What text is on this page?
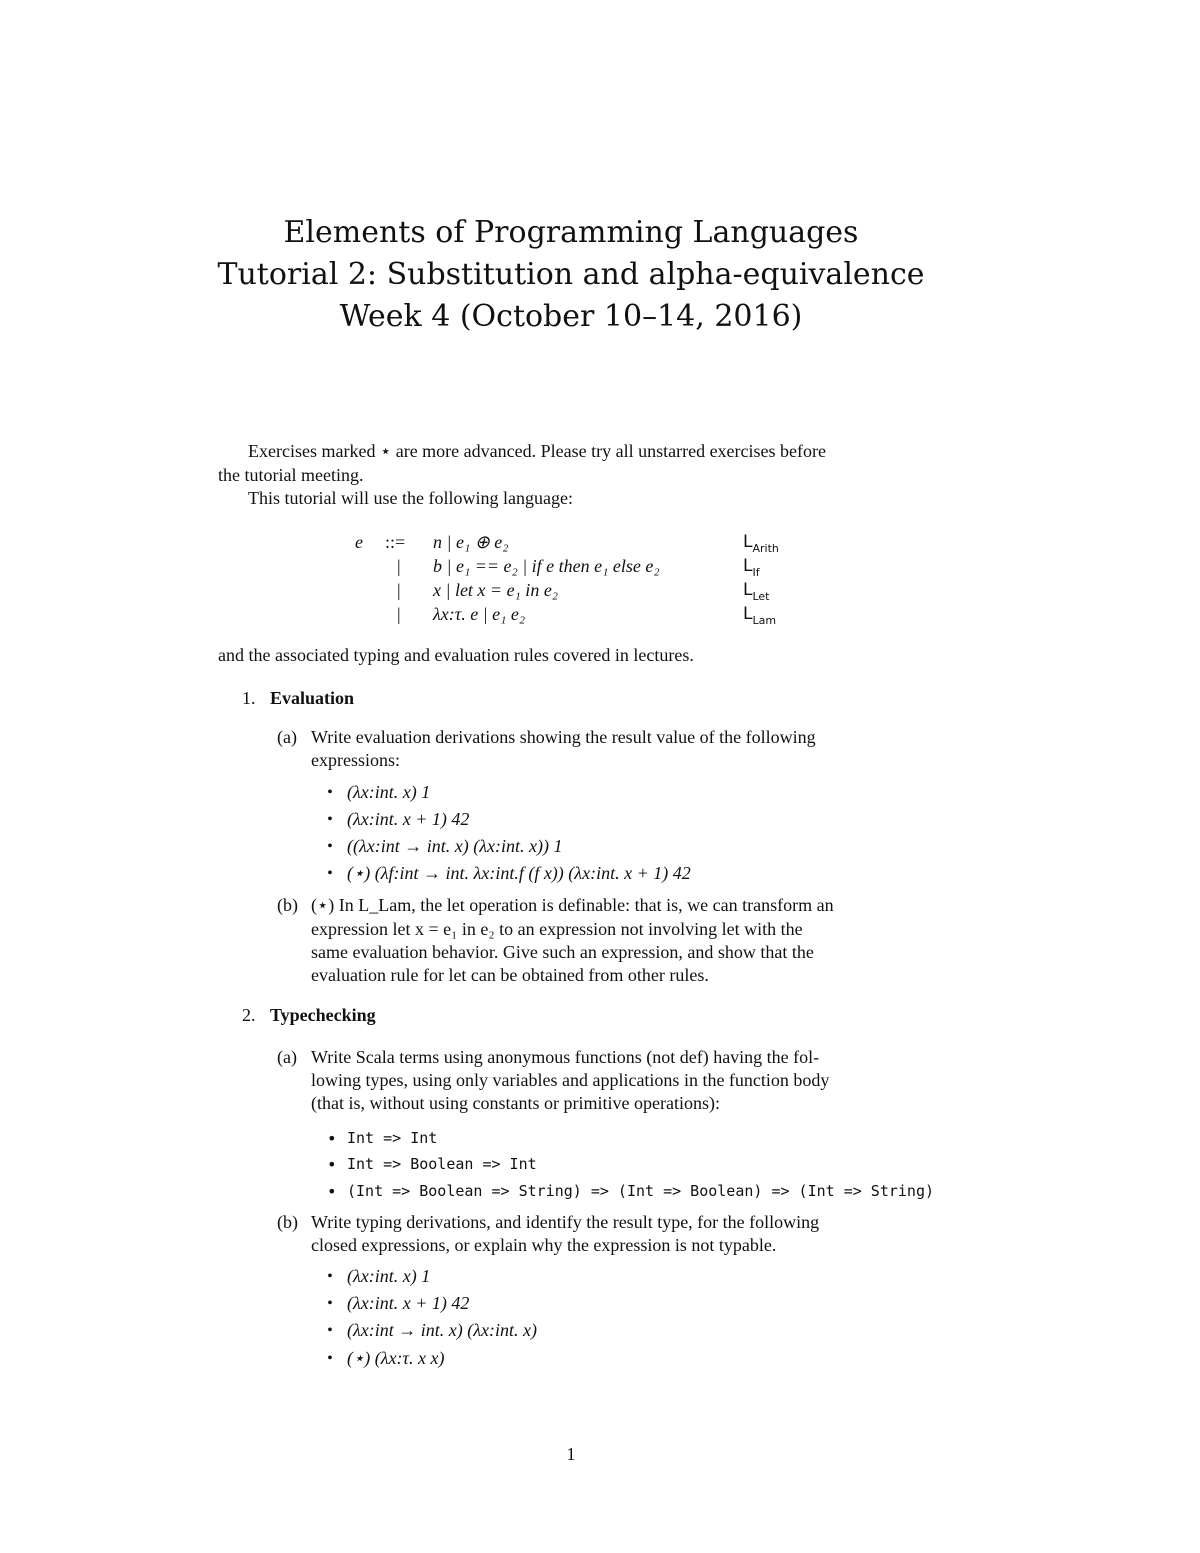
Elements of Programming Languages
Tutorial 2: Substitution and alpha-equivalence
Week 4 (October 10–14, 2016)
Exercises marked ⋆ are more advanced. Please try all unstarred exercises before
the tutorial meeting.
This tutorial will use the following language:
e ::= n | e₁ ⊕ e₂	$L_{Arith}$
| b | e₁ == e₂ | if e then e₁ else e₂	$L_{If}$
| x | let x = e₁ in e₂	$L_{Let}$
| λx:τ. e | e₁ e₂	$L_{Lam}$
and the associated typing and evaluation rules covered in lectures.
1. Evaluation
(a) Write evaluation derivations showing the result value of the following
expressions:
• (λx:int. x) 1
• (λx:int. x + 1) 42
• ((λx:int → int. x) (λx:int. x)) 1
• (⋆) (λf:int → int. λx:int.f (f x)) (λx:int. x + 1) 42
(b) (⋆) In L_Lam, the let operation is definable: that is, we can transform an
expression let x = e₁ in e₂ to an expression not involving let with the
same evaluation behavior. Give such an expression, and show that the
evaluation rule for let can be obtained from other rules.
2. Typechecking
(a) Write Scala terms using anonymous functions (not def) having the fol-
lowing types, using only variables and applications in the function body
(that is, without using constants or primitive operations):
• Int => Int
• Int => Boolean => Int
• (Int => Boolean => String) => (Int => Boolean) => (Int => String)
(b) Write typing derivations, and identify the result type, for the following
closed expressions, or explain why the expression is not typable.
• (λx:int. x) 1
• (λx:int. x + 1) 42
• (λx:int → int. x) (λx:int. x)
• (⋆) (λx:τ. x x)
1
